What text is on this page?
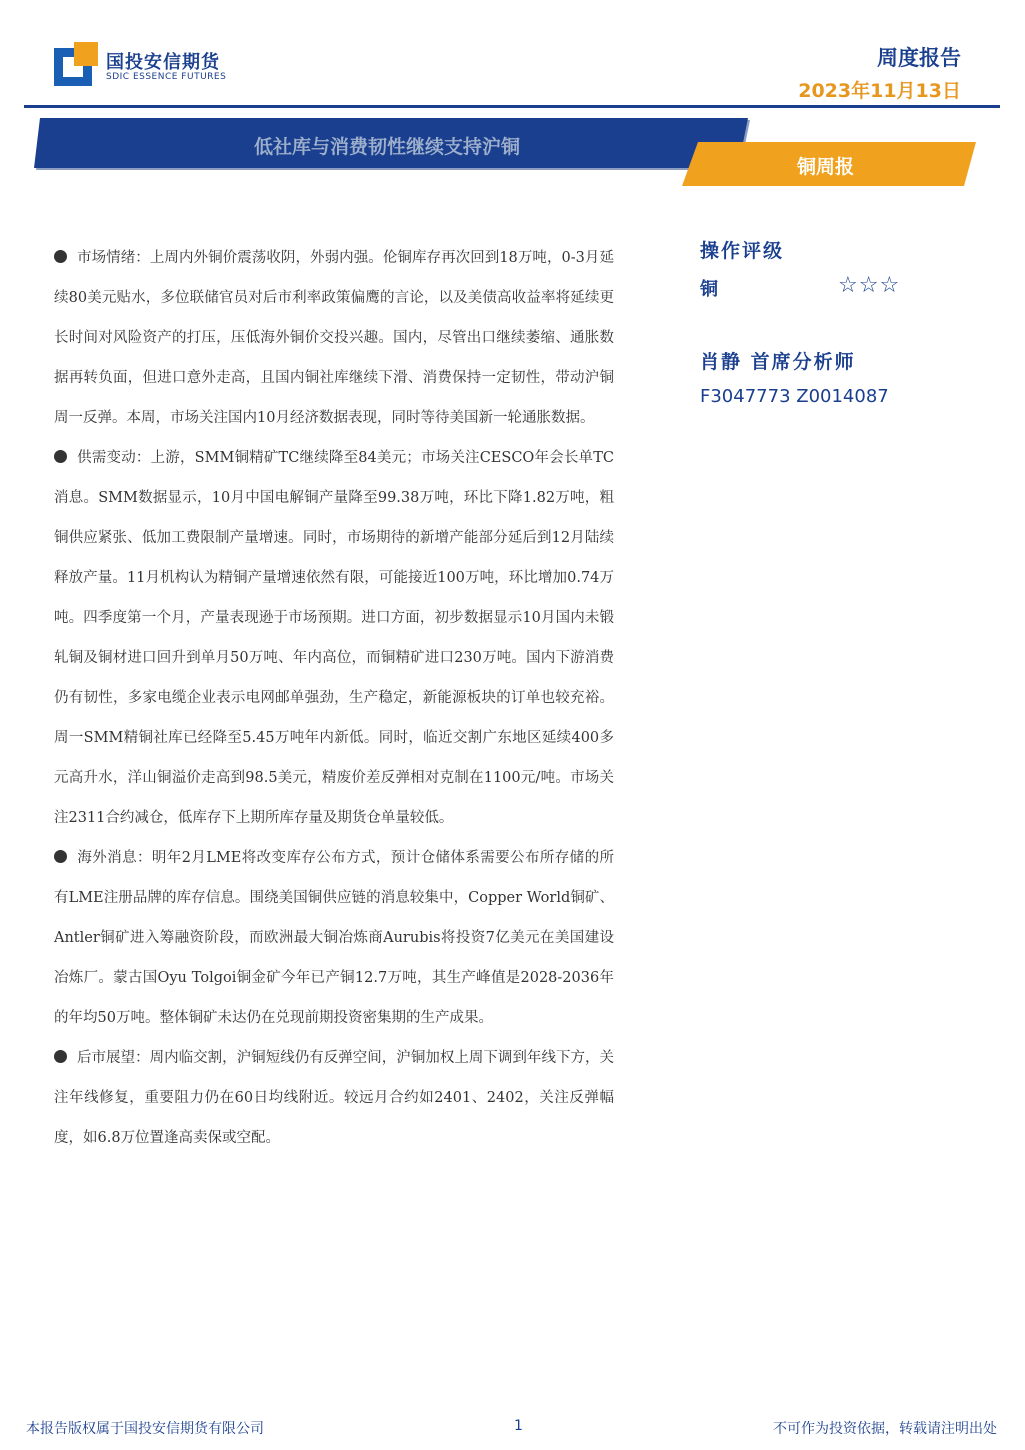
国投安信期货
SDIC ESSENCE FUTURES
周度报告
2023年11月13日
低社库与消费韧性继续支持沪铜
铜周报

市场情绪：上周内外铜价震荡收阴，外弱内强。伦铜库存再次回到18万吨，0-3月延续80美元贴水，多位联储官员对后市利率政策偏鹰的言论，以及美债高收益率将延续更长时间对风险资产的打压，压低海外铜价交投兴趣。国内，尽管出口继续萎缩、通胀数据再转负面，但进口意外走高，且国内铜社库继续下滑、消费保持一定韧性，带动沪铜周一反弹。本周，市场关注国内10月经济数据表现，同时等待美国新一轮通胀数据。

供需变动：上游，SMM铜精矿TC继续降至84美元；市场关注CESCO年会长单TC消息。SMM数据显示，10月中国电解铜产量降至99.38万吨，环比下降1.82万吨，粗铜供应紧张、低加工费限制产量增速。同时，市场期待的新增产能部分延后到12月陆续释放产量。11月机构认为精铜产量增速依然有限，可能接近100万吨，环比增加0.74万吨。四季度第一个月，产量表现逊于市场预期。进口方面，初步数据显示10月国内未锻轧铜及铜材进口回升到单月50万吨、年内高位，而铜精矿进口230万吨。国内下游消费仍有韧性，多家电缆企业表示电网邮单强劲，生产稳定，新能源板块的订单也较充裕。周一SMM精铜社库已经降至5.45万吨年内新低。同时，临近交割广东地区延续400多元高升水，洋山铜溢价走高到98.5美元，精废价差反弹相对克制在1100元/吨。市场关注2311合约减仓，低库存下上期所库存量及期货仓单量较低。

海外消息：明年2月LME将改变库存公布方式，预计仓储体系需要公布所存储的所有LME注册品牌的库存信息。围绕美国铜供应链的消息较集中，Copper World铜矿、Antler铜矿进入筹融资阶段，而欧洲最大铜冶炼商Aurubis将投资7亿美元在美国建设冶炼厂。蒙古国Oyu Tolgoi铜金矿今年已产铜12.7万吨，其生产峰值是2028-2036年的年均50万吨。整体铜矿未达仍在兑现前期投资密集期的生产成果。

后市展望：周内临交割，沪铜短线仍有反弹空间，沪铜加权上周下调到年线下方，关注年线修复，重要阻力仍在60日均线附近。较远月合约如2401、2402，关注反弹幅度，如6.8万位置逢高卖保或空配。

操作评级
铜	☆☆☆
肖静 首席分析师
F3047773 Z0014087
本报告版权属于国投安信期货有限公司	1	不可作为投资依据，转载请注明出处
